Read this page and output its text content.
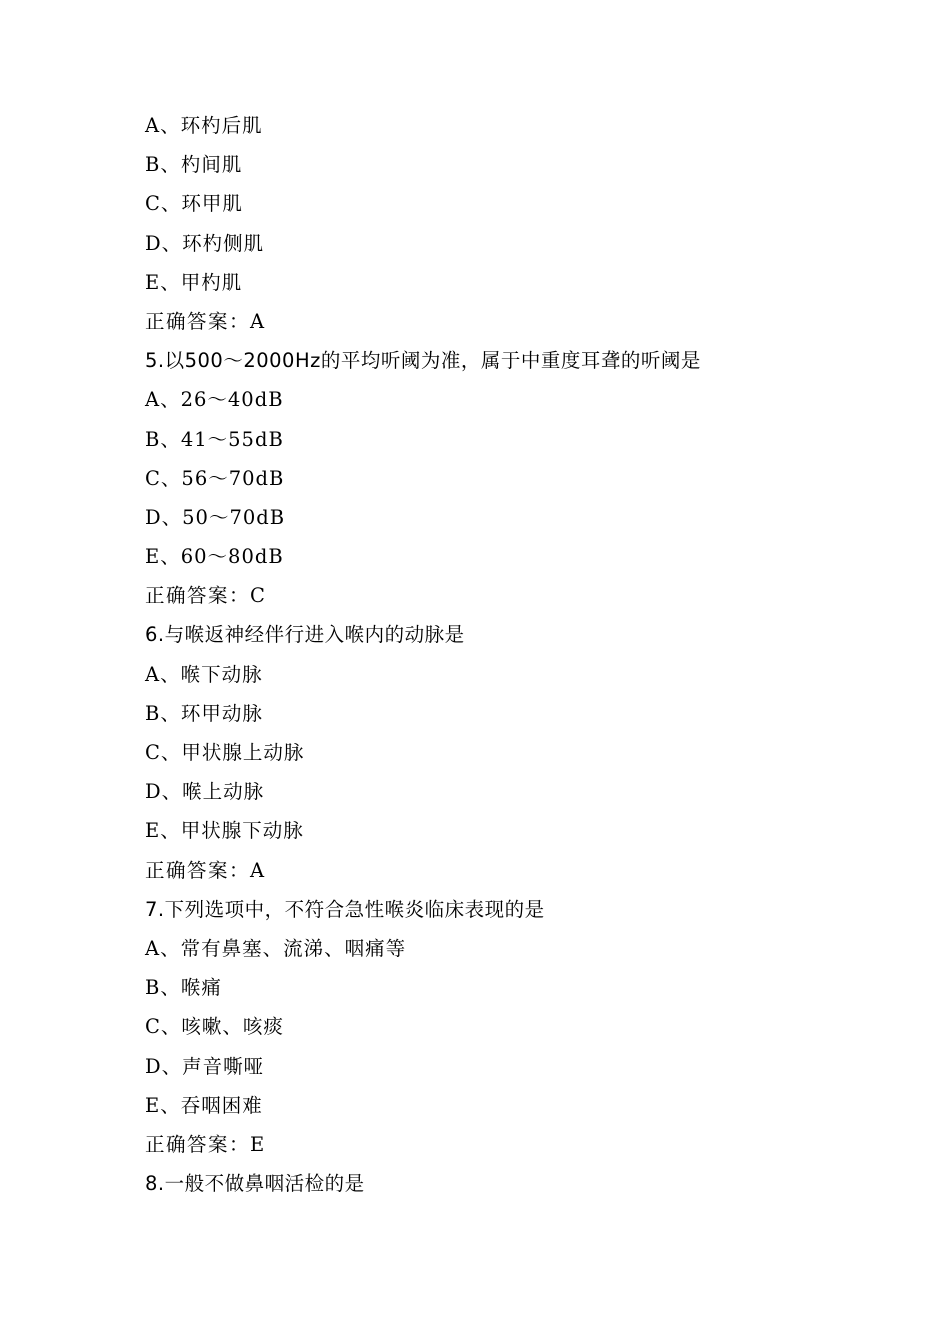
A、环杓后肌
B、杓间肌
C、环甲肌
D、环杓侧肌
E、甲杓肌
正确答案：A
5.以500～2000Hz的平均听阈为准，属于中重度耳聋的听阈是
A、26～40dB
B、41～55dB
C、56～70dB
D、50～70dB
E、60～80dB
正确答案：C
6.与喉返神经伴行进入喉内的动脉是
A、喉下动脉
B、环甲动脉
C、甲状腺上动脉
D、喉上动脉
E、甲状腺下动脉
正确答案：A
7.下列选项中，不符合急性喉炎临床表现的是
A、常有鼻塞、流涕、咽痛等
B、喉痛
C、咳嗽、咳痰
D、声音嘶哑
E、吞咽困难
正确答案：E
8.一般不做鼻咽活检的是
